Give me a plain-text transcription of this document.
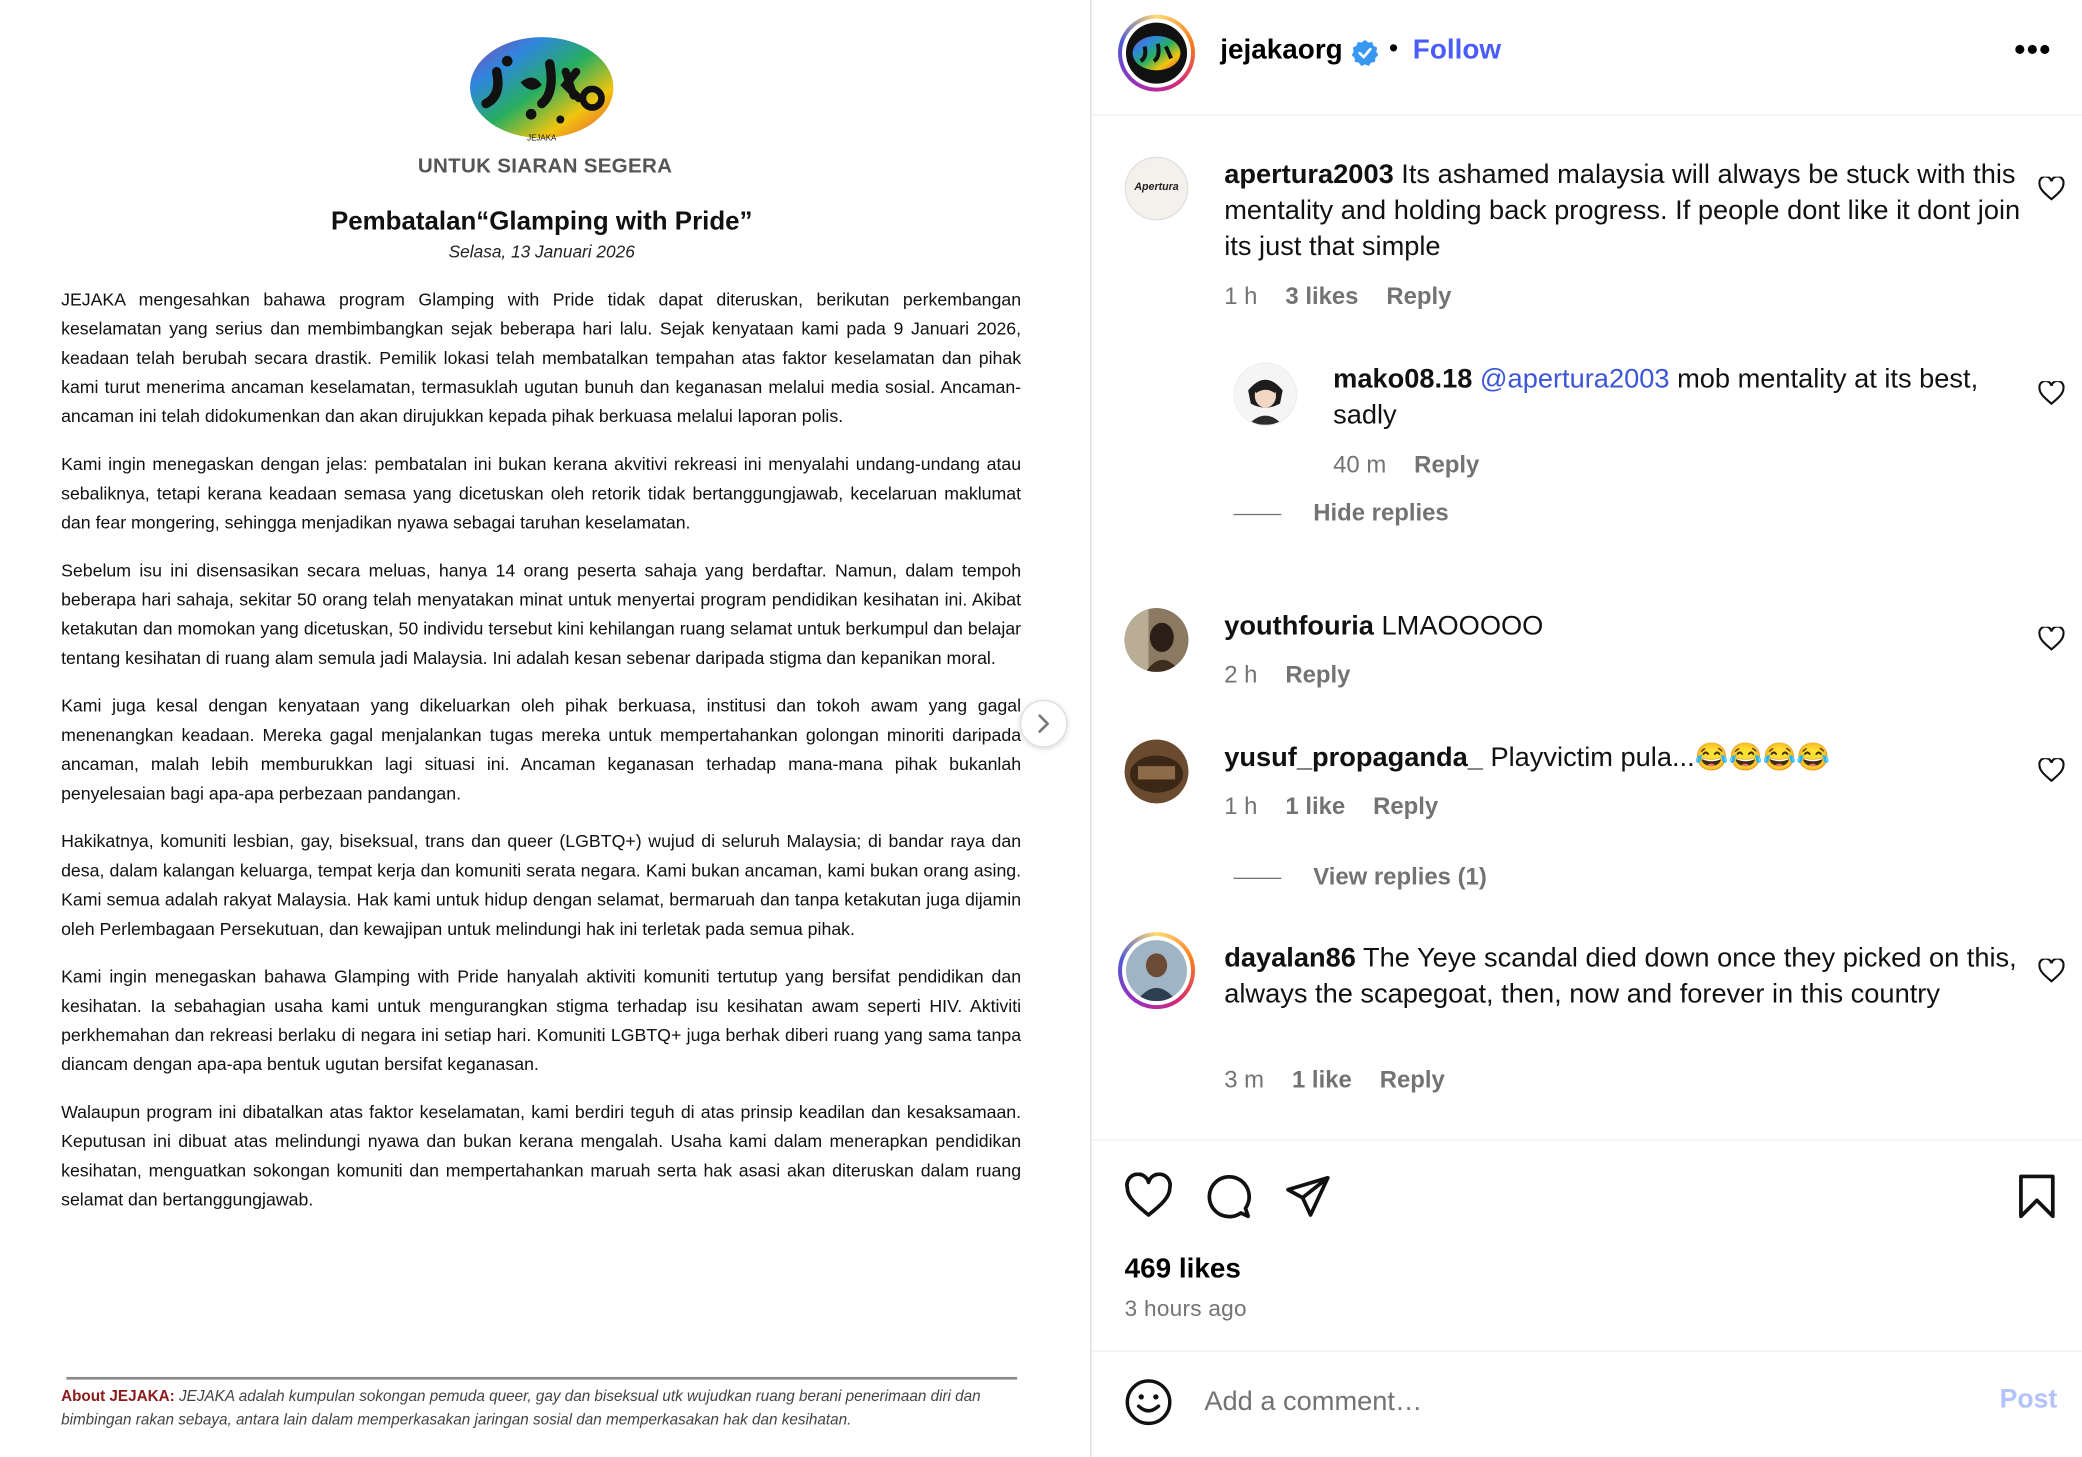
JEJAKA
UNTUK SIARAN SEGERA
Pembatalan“Glamping with Pride”
Selasa, 13 Januari 2026

JEJAKA mengesahkan bahawa program Glamping with Pride tidak dapat diteruskan, berikutan perkembangan keselamatan yang serius dan membimbangkan sejak beberapa hari lalu. Sejak kenyataan kami pada 9 Januari 2026, keadaan telah berubah secara drastik. Pemilik lokasi telah membatalkan tempahan atas faktor keselamatan dan pihak kami turut menerima ancaman keselamatan, termasuklah ugutan bunuh dan keganasan melalui media sosial. Ancaman-ancaman ini telah didokumenkan dan akan dirujukkan kepada pihak berkuasa melalui laporan polis.

Kami ingin menegaskan dengan jelas: pembatalan ini bukan kerana akvitivi rekreasi ini menyalahi undang-undang atau sebaliknya, tetapi kerana keadaan semasa yang dicetuskan oleh retorik tidak bertanggungjawab, kecelaruan maklumat dan fear mongering, sehingga menjadikan nyawa sebagai taruhan keselamatan.

Sebelum isu ini disensasikan secara meluas, hanya 14 orang peserta sahaja yang berdaftar. Namun, dalam tempoh beberapa hari sahaja, sekitar 50 orang telah menyatakan minat untuk menyertai program pendidikan kesihatan ini. Akibat ketakutan dan momokan yang dicetuskan, 50 individu tersebut kini kehilangan ruang selamat untuk berkumpul dan belajar tentang kesihatan di ruang alam semula jadi Malaysia. Ini adalah kesan sebenar daripada stigma dan kepanikan moral.

Kami juga kesal dengan kenyataan yang dikeluarkan oleh pihak berkuasa, institusi dan tokoh awam yang gagal menenangkan keadaan. Mereka gagal menjalankan tugas mereka untuk mempertahankan golongan minoriti daripada ancaman, malah lebih memburukkan lagi situasi ini. Ancaman keganasan terhadap mana-mana pihak bukanlah penyelesaian bagi apa-apa perbezaan pandangan.

Hakikatnya, komuniti lesbian, gay, biseksual, trans dan queer (LGBTQ+) wujud di seluruh Malaysia; di bandar raya dan desa, dalam kalangan keluarga, tempat kerja dan komuniti serata negara. Kami bukan ancaman, kami bukan orang asing. Kami semua adalah rakyat Malaysia. Hak kami untuk hidup dengan selamat, bermaruah dan tanpa ketakutan juga dijamin oleh Perlembagaan Persekutuan, dan kewajipan untuk melindungi hak ini terletak pada semua pihak.

Kami ingin menegaskan bahawa Glamping with Pride hanyalah aktiviti komuniti tertutup yang bersifat pendidikan dan kesihatan. Ia sebahagian usaha kami untuk mengurangkan stigma terhadap isu kesihatan awam seperti HIV. Aktiviti perkhemahan dan rekreasi berlaku di negara ini setiap hari. Komuniti LGBTQ+ juga berhak diberi ruang yang sama tanpa diancam dengan apa-apa bentuk ugutan bersifat keganasan.

Walaupun program ini dibatalkan atas faktor keselamatan, kami berdiri teguh di atas prinsip keadilan dan kesaksamaan. Keputusan ini dibuat atas melindungi nyawa dan bukan kerana mengalah. Usaha kami dalam menerapkan pendidikan kesihatan, menguatkan sokongan komuniti dan mempertahankan maruah serta hak asasi akan diteruskan dalam ruang selamat dan bertanggungjawab.

About JEJAKA: JEJAKA adalah kumpulan sokongan pemuda queer, gay dan biseksual utk wujudkan ruang berani penerimaan diri dan bimbingan rakan sebaya, antara lain dalam memperkasakan jaringan sosial dan memperkasakan hak dan kesihatan.
jejakaorg • Follow	•••
Apertura	apertura2003 Its ashamed malaysia will always be stuck with this mentality and holding back progress. If people dont like it dont join its just that simple
1 h 3 likes Reply
mako08.18 @apertura2003 mob mentality at its best, sadly
40 m Reply
Hide replies
youthfouria LMAOOOOO
2 h Reply
yusuf_propaganda_ Playvictim pula...😂😂😂😂
1 h 1 like Reply
View replies (1)
dayalan86 The Yeye scandal died down once they picked on this, always the scapegoat, then, now and forever in this country
3 m 1 like Reply
469 likes
3 hours ago
Add a comment…
Post
